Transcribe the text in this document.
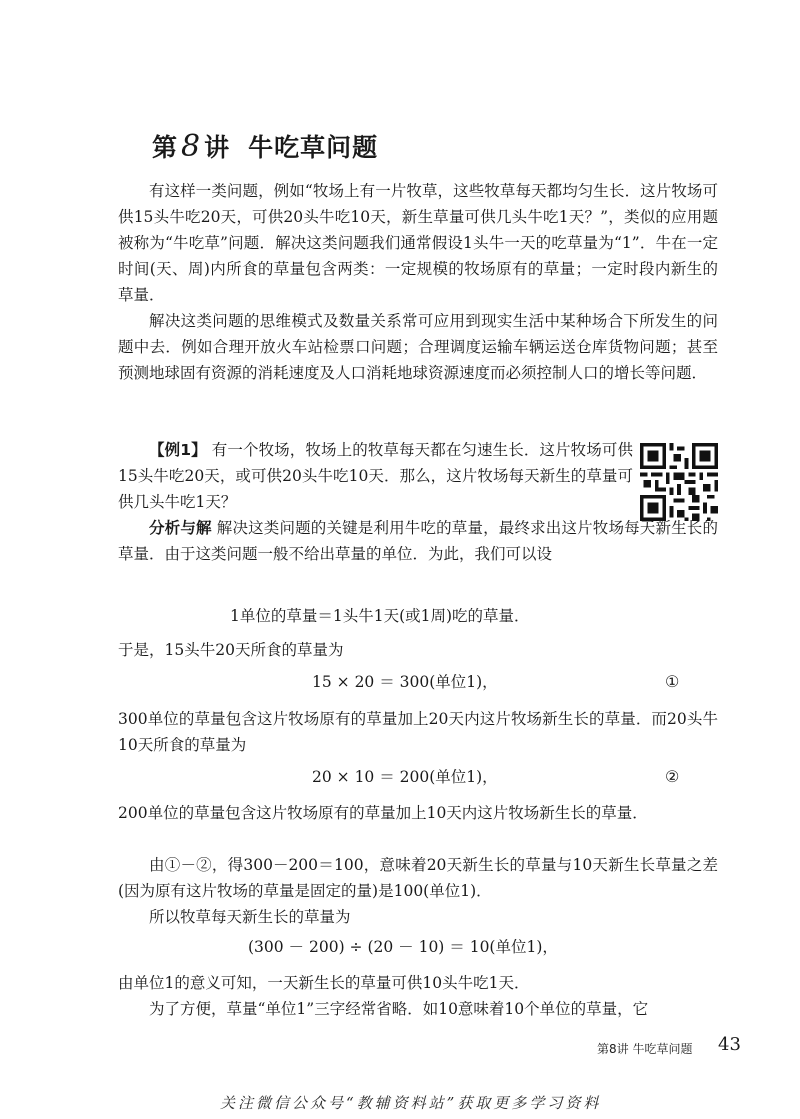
第 8 讲 牛吃草问题

有这样一类问题，例如“牧场上有一片牧草，这些牧草每天都均匀生长．这片牧场可供15头牛吃20天，可供20头牛吃10天，新生草量可供几头牛吃1天？”，类似的应用题被称为“牛吃草”问题．解决这类问题我们通常假设1头牛一天的吃草量为“1”．牛在一定时间(天、周)内所食的草量包含两类：一定规模的牧场原有的草量；一定时段内新生的草量．

解决这类问题的思维模式及数量关系常可应用到现实生活中某种场合下所发生的问题中去．例如合理开放火车站检票口问题；合理调度运输车辆运送仓库货物问题；甚至预测地球固有资源的消耗速度及人口消耗地球资源速度而必须控制人口的增长等问题．

【例1】 有一个牧场，牧场上的牧草每天都在匀速生长．这片牧场可供15头牛吃20天，或可供20头牛吃10天．那么，这片牧场每天新生的草量可供几头牛吃1天？

分析与解 解决这类问题的关键是利用牛吃的草量，最终求出这片牧场每天新生长的草量．由于这类问题一般不给出草量的单位．为此，我们可以设

1单位的草量＝1头牛1天(或1周)吃的草量．

于是，15头牛20天所食的草量为

15 × 20 ＝ 300(单位1)，	①

300单位的草量包含这片牧场原有的草量加上20天内这片牧场新生长的草量．而20头牛10天所食的草量为

20 × 10 ＝ 200(单位1)，	②

200单位的草量包含这片牧场原有的草量加上10天内这片牧场新生长的草量．

由①－②，得300－200＝100，意味着20天新生长的草量与10天新生长草量之差(因为原有这片牧场的草量是固定的量)是100(单位1)．

所以牧草每天新生长的草量为

(300 － 200) ÷ (20 － 10) ＝ 10(单位1)，

由单位1的意义可知，一天新生长的草量可供10头牛吃1天．

为了方便，草量“单位1”三字经常省略．如10意味着10个单位的草量，它

第8讲 牛吃草问题 43
关注微信公众号“教辅资料站”获取更多学习资料
